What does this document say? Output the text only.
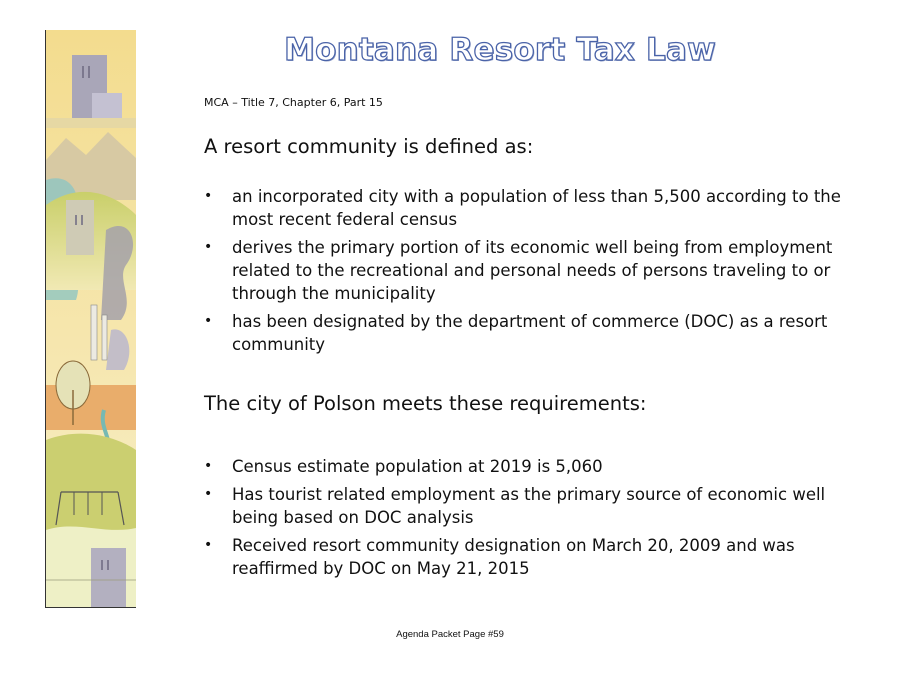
Montana Resort Tax Law
MCA – Title 7, Chapter 6, Part 15
A resort community is defined as:
• an incorporated city with a population of less than 5,500 according to the most recent federal census
• derives the primary portion of its economic well being from employment related to the recreational and personal needs of persons traveling to or through the municipality
• has been designated by the department of commerce (DOC) as a resort community
The city of Polson meets these requirements:
• Census estimate population at 2019 is 5,060
• Has tourist related employment as the primary source of economic well being based on DOC analysis
• Received resort community designation on March 20, 2009 and was reaffirmed by DOC on May 21, 2015
Agenda Packet Page #59
